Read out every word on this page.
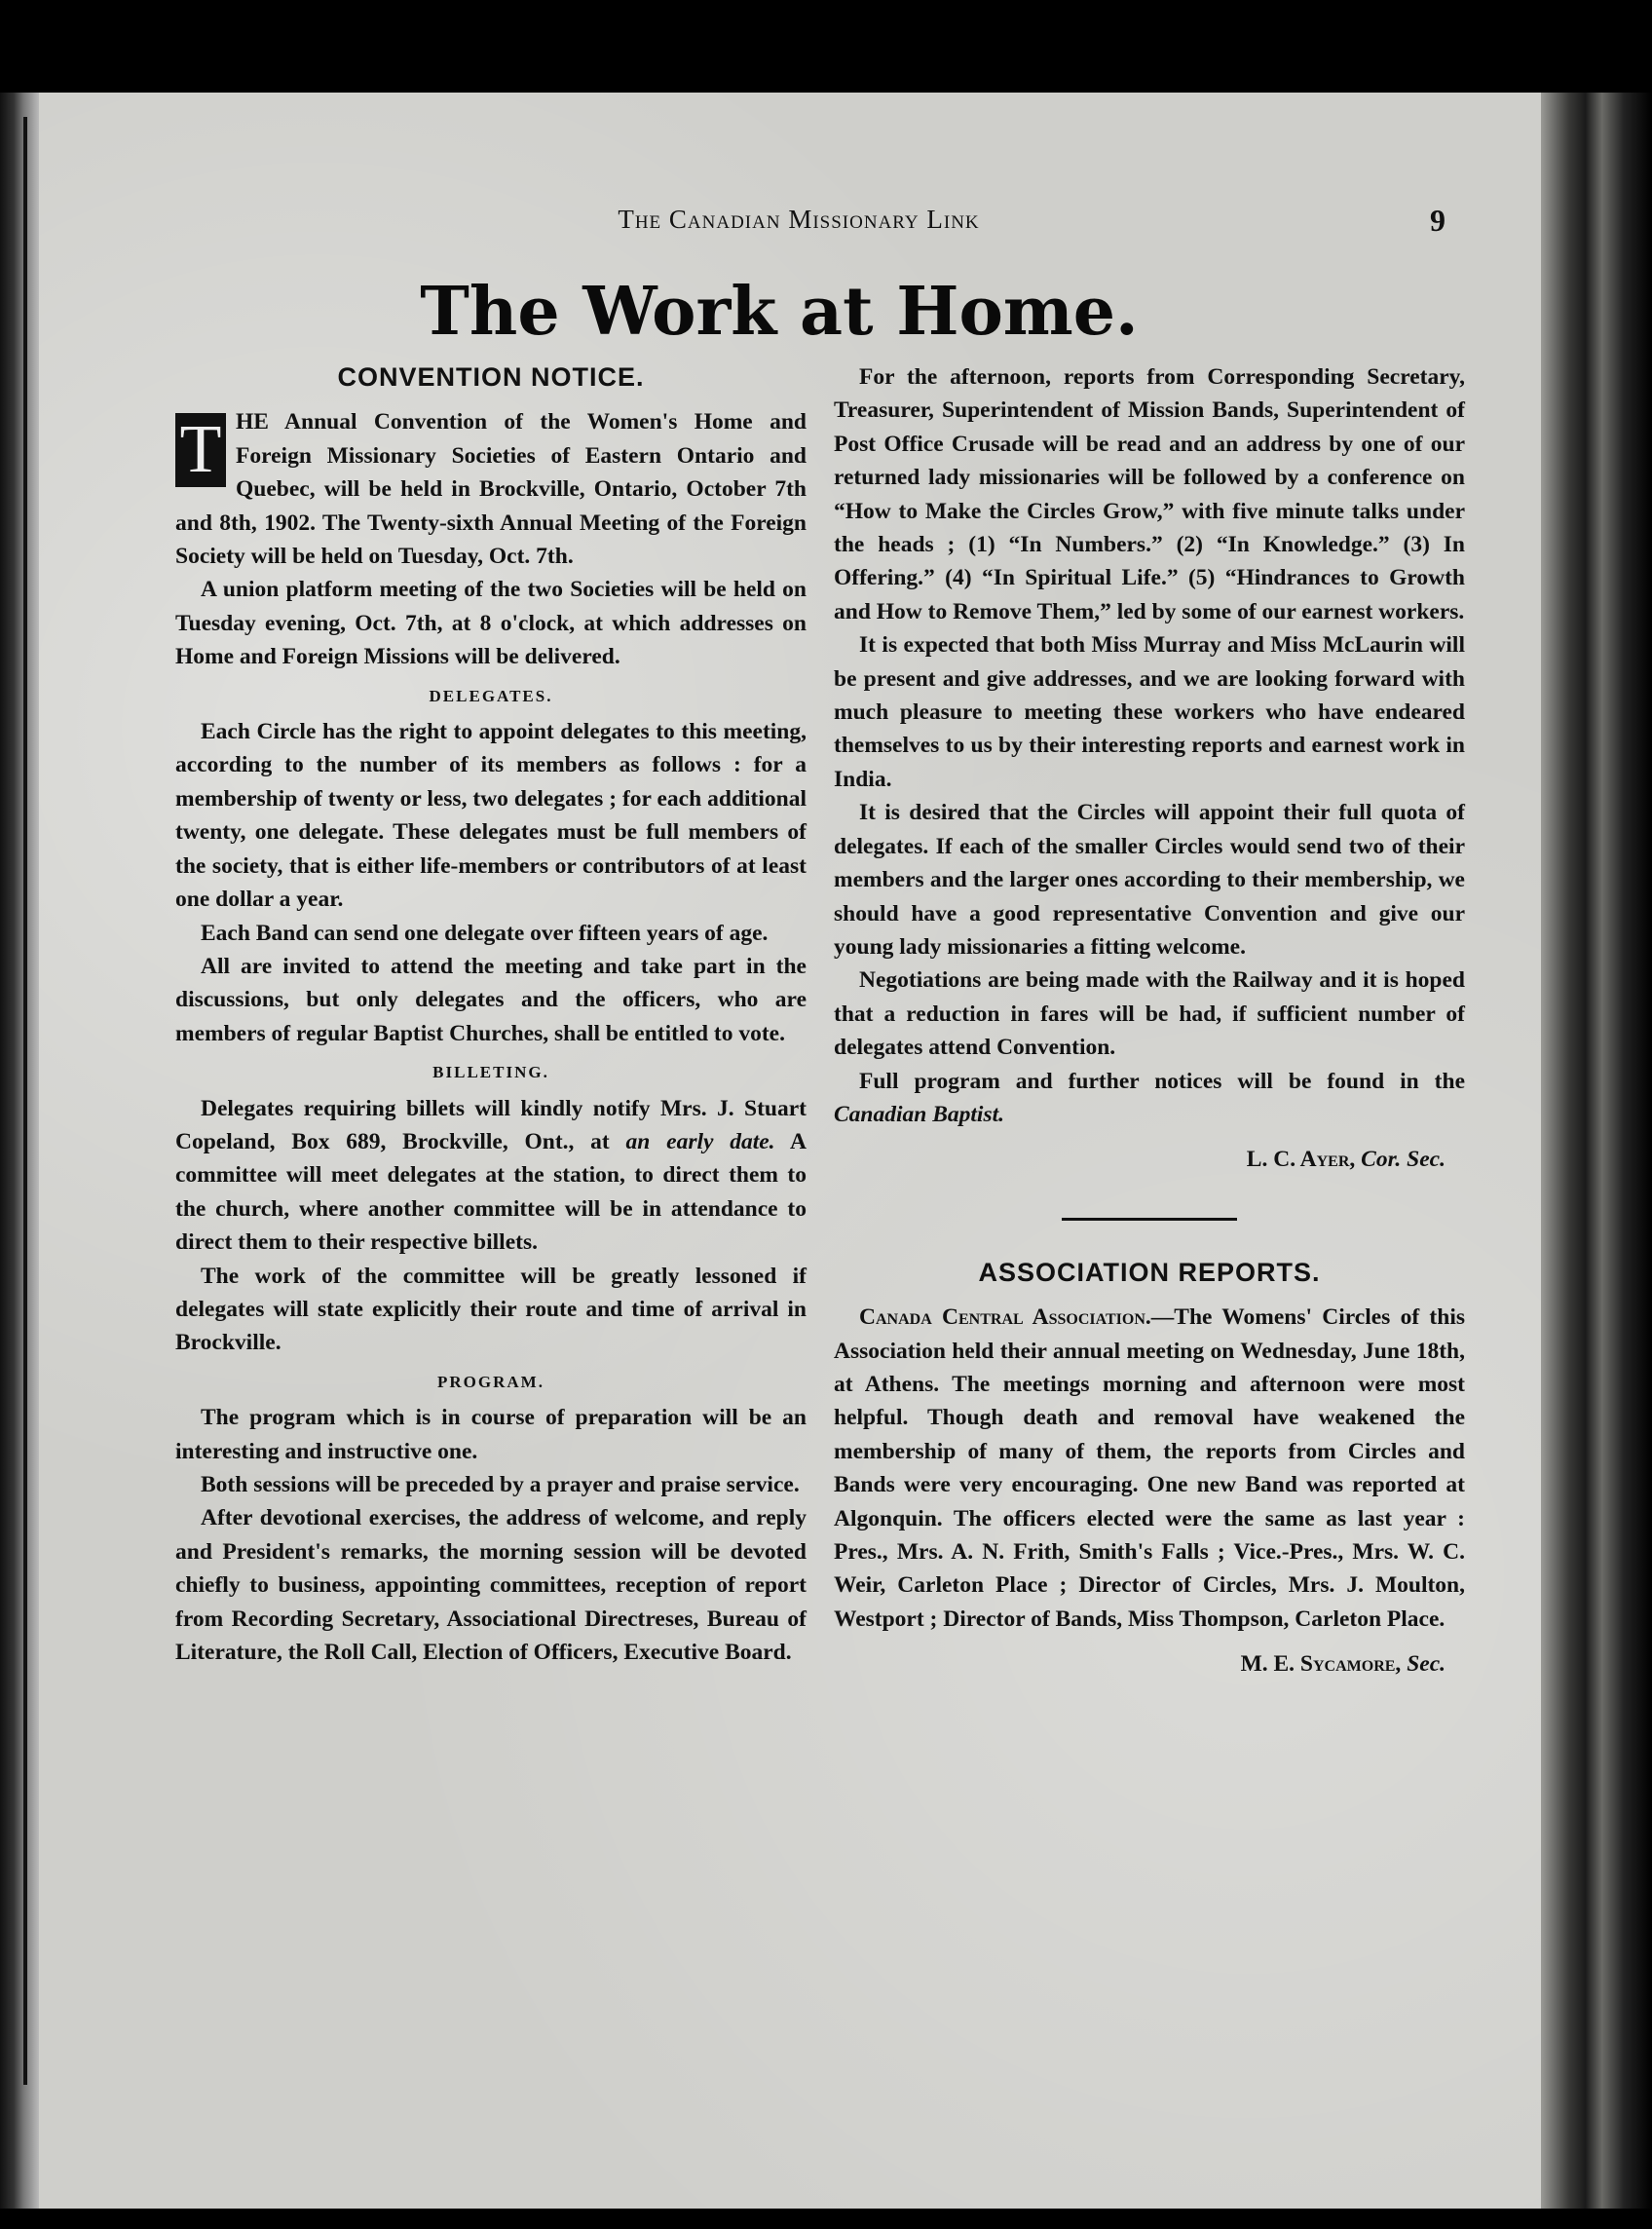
The Canadian Missionary Link	9
The Work at Home.
CONVENTION NOTICE.

T HE Annual Convention of the Women's Home and Foreign Missionary Societies of Eastern Ontario and Quebec, will be held in Brockville, Ontario, October 7th and 8th, 1902. The Twenty-sixth Annual Meeting of the Foreign Society will be held on Tuesday, Oct. 7th.

A union platform meeting of the two Societies will be held on Tuesday evening, Oct. 7th, at 8 o'clock, at which addresses on Home and Foreign Missions will be delivered.

DELEGATES.

Each Circle has the right to appoint delegates to this meeting, according to the number of its members as follows : for a membership of twenty or less, two delegates ; for each additional twenty, one delegate. These delegates must be full members of the society, that is either life-members or contributors of at least one dollar a year.

Each Band can send one delegate over fifteen years of age.

All are invited to attend the meeting and take part in the discussions, but only delegates and the officers, who are members of regular Baptist Churches, shall be entitled to vote.

BILLETING.

Delegates requiring billets will kindly notify Mrs. J. Stuart Copeland, Box 689, Brockville, Ont., at an early date. A committee will meet delegates at the station, to direct them to the church, where another committee will be in attendance to direct them to their respective billets.

The work of the committee will be greatly lessoned if delegates will state explicitly their route and time of arrival in Brockville.

PROGRAM.

The program which is in course of preparation will be an interesting and instructive one.

Both sessions will be preceded by a prayer and praise service.

After devotional exercises, the address of welcome, and reply and President's remarks, the morning session will be devoted chiefly to business, appointing committees, reception of report from Recording Secretary, Associational Directreses, Bureau of Literature, the Roll Call, Election of Officers, Executive Board.

For the afternoon, reports from Corresponding Secretary, Treasurer, Superintendent of Mission Bands, Superintendent of Post Office Crusade will be read and an address by one of our returned lady missionaries will be followed by a conference on “How to Make the Circles Grow,” with five minute talks under the heads ; (1) “In Numbers.” (2) “In Knowledge.” (3) In Offering.” (4) “In Spiritual Life.” (5) “Hindrances to Growth and How to Remove Them,” led by some of our earnest workers.

It is expected that both Miss Murray and Miss McLaurin will be present and give addresses, and we are looking forward with much pleasure to meeting these workers who have endeared themselves to us by their interesting reports and earnest work in India.

It is desired that the Circles will appoint their full quota of delegates. If each of the smaller Circles would send two of their members and the larger ones according to their membership, we should have a good representative Convention and give our young lady missionaries a fitting welcome.

Negotiations are being made with the Railway and it is hoped that a reduction in fares will be had, if sufficient number of delegates attend Convention.

Full program and further notices will be found in the Canadian Baptist.

L. C. Ayer, Cor. Sec.
ASSOCIATION REPORTS.

Canada Central Association.—The Womens' Circles of this Association held their annual meeting on Wednesday, June 18th, at Athens. The meetings morning and afternoon were most helpful. Though death and removal have weakened the membership of many of them, the reports from Circles and Bands were very encouraging. One new Band was reported at Algonquin. The officers elected were the same as last year : Pres., Mrs. A. N. Frith, Smith's Falls ; Vice.-Pres., Mrs. W. C. Weir, Carleton Place ; Director of Circles, Mrs. J. Moulton, Westport ; Director of Bands, Miss Thompson, Carleton Place.

M. E. Sycamore, Sec.
